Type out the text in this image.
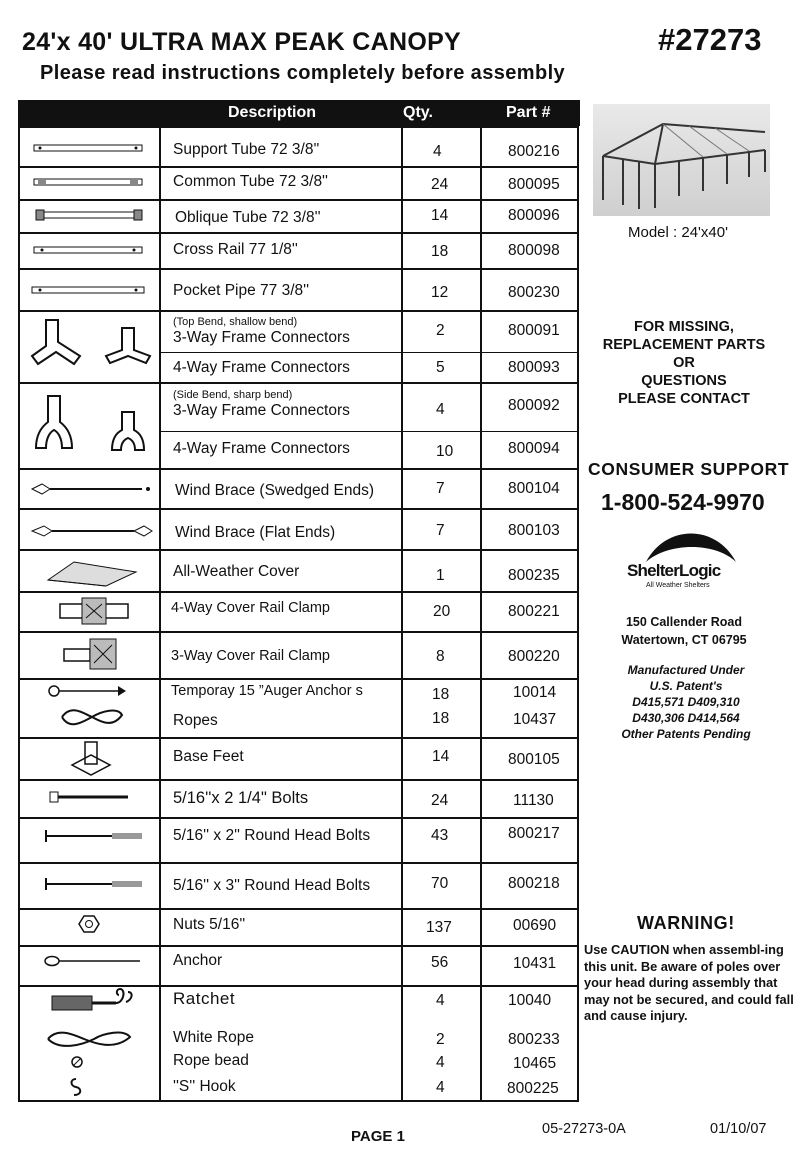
24'x 40' ULTRA MAX PEAK CANOPY	#27273
Please read instructions completely before assembly
Description	Qty.	Part #
Support Tube 72 3/8''	4	800216
Common Tube 72 3/8''	24	800095
Oblique Tube 72 3/8''	14	800096
Cross Rail 77 1/8''	18	800098
Pocket Pipe 77 3/8''	12	800230
(Top Bend, shallow bend)
3-Way Frame Connectors	2	800091
4-Way Frame Connectors	5	800093
(Side Bend, sharp bend)
3-Way Frame Connectors	4	800092
4-Way Frame Connectors	10	800094
Wind Brace (Swedged Ends)	7	800104
Wind Brace (Flat Ends)	7	800103
All-Weather Cover	1	800235
4-Way Cover Rail Clamp	20	800221
3-Way Cover Rail Clamp	8	800220
Temporay 15 ”Auger Anchor s	18	10014
Ropes	18	10437
Base Feet	14	800105
5/16''x 2 1/4" Bolts	24	11130
5/16'' x 2'' Round Head Bolts	43	800217
5/16'' x 3'' Round Head Bolts	70	800218
Nuts 5/16''	137	00690
Anchor	56	10431
Ratchet	4	10040
White Rope	2	800233
Rope bead	4	10465
''S'' Hook	4	800225
Model : 24'x40'
FOR MISSING,
REPLACEMENT PARTS
OR
QUESTIONS
PLEASE CONTACT
CONSUMER SUPPORT
1-800-524-9970
ShelterLogic
All Weather Shelters
150 Callender Road
Watertown, CT 06795
Manufactured Under
U.S. Patent's
D415,571 D409,310
D430,306 D414,564
Other Patents Pending
WARNING!
Use CAUTION when assembl-ing this unit. Be aware of poles over your head during assembly that may not be secured, and could fall and cause injury.
PAGE 1	05-27273-0A	01/10/07
